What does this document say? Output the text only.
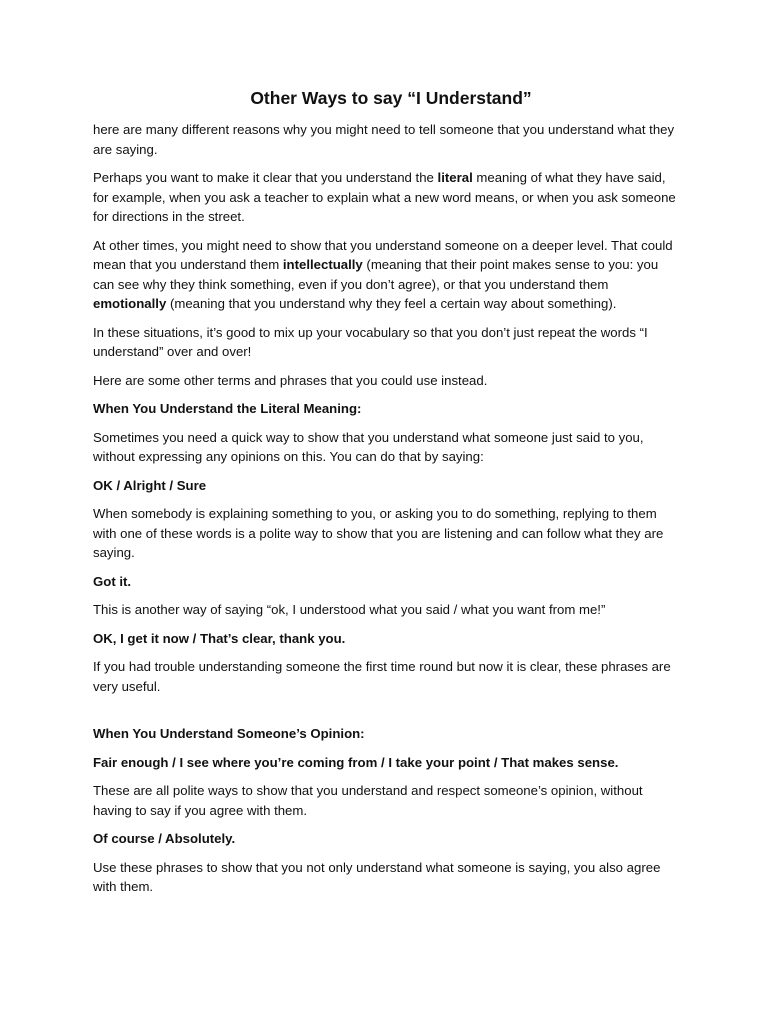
Other Ways to say “I Understand”

here are many different reasons why you might need to tell someone that you understand what they are saying.

Perhaps you want to make it clear that you understand the literal meaning of what they have said, for example, when you ask a teacher to explain what a new word means, or when you ask someone for directions in the street.

At other times, you might need to show that you understand someone on a deeper level. That could mean that you understand them intellectually (meaning that their point makes sense to you: you can see why they think something, even if you don’t agree), or that you understand them emotionally (meaning that you understand why they feel a certain way about something).

In these situations, it’s good to mix up your vocabulary so that you don’t just repeat the words “I understand” over and over!

Here are some other terms and phrases that you could use instead.

When You Understand the Literal Meaning:

Sometimes you need a quick way to show that you understand what someone just said to you, without expressing any opinions on this. You can do that by saying:

OK / Alright / Sure

When somebody is explaining something to you, or asking you to do something, replying to them with one of these words is a polite way to show that you are listening and can follow what they are saying.

Got it.

This is another way of saying “ok, I understood what you said / what you want from me!”

OK, I get it now / That’s clear, thank you.

If you had trouble understanding someone the first time round but now it is clear, these phrases are very useful.

When You Understand Someone’s Opinion:

Fair enough / I see where you’re coming from / I take your point / That makes sense.

These are all polite ways to show that you understand and respect someone’s opinion, without having to say if you agree with them.

Of course / Absolutely.

Use these phrases to show that you not only understand what someone is saying, you also agree with them.
